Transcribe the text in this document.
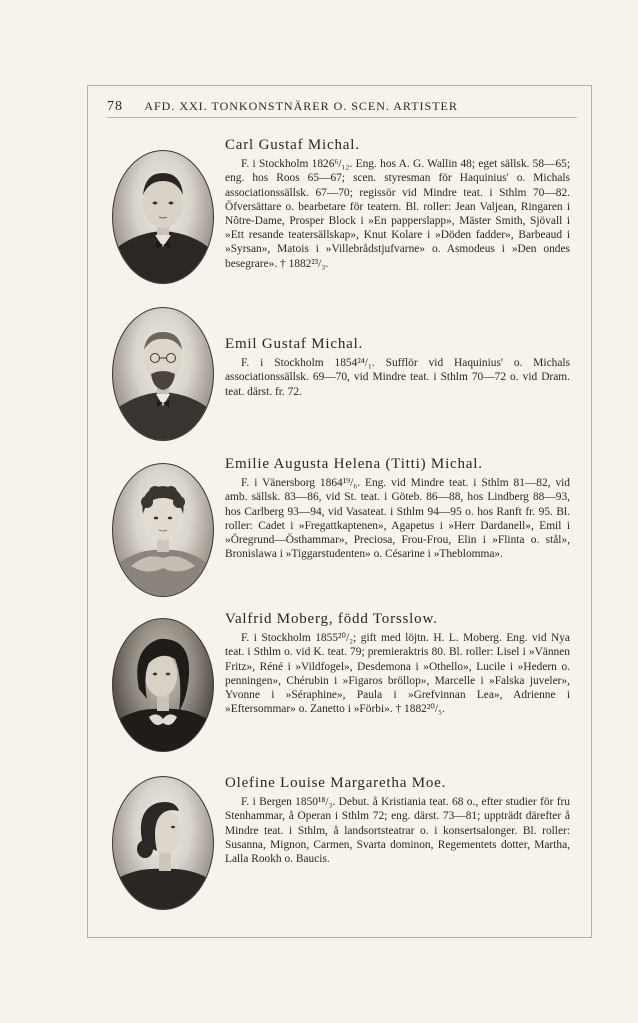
78 AFD. XXI. TONKONSTNÄRER O. SCEN. ARTISTER
Carl Gustaf Michal.

F. i Stockholm 1826⁶/₁₂. Eng. hos A. G. Wallin 48; eget sällsk. 58—65; eng. hos Roos 65—67; scen. styresman för Haquinius' o. Michals associationssällsk. 67—70; regissör vid Mindre teat. i Sthlm 70—82. Öfversättare o. bearbetare för teatern. Bl. roller: Jean Valjean, Ringaren i Nôtre-Dame, Prosper Block i »En papperslapp», Mäster Smith, Sjövall i »Ett resande teatersällskap», Knut Kolare i »Döden fadder», Barbeaud i »Syrsan», Matois i »Villebrådstjufvarne» o. Asmodeus i »Den ondes besegrare». † 1882²³/₃.

Emil Gustaf Michal.

F. i Stockholm 1854²⁴/₁. Sufflör vid Haquinius' o. Michals associationssällsk. 69—70, vid Mindre teat. i Sthlm 70—72 o. vid Dram. teat. därst. fr. 72.

Emilie Augusta Helena (Titti) Michal.

F. i Vänersborg 1864¹⁹/₆. Eng. vid Mindre teat. i Sthlm 81—82, vid amb. sällsk. 83—86, vid St. teat. i Göteb. 86—88, hos Lindberg 88—93, hos Carlberg 93—94, vid Vasateat. i Sthlm 94—95 o. hos Ranft fr. 95. Bl. roller: Cadet i »Fregattkaptenen», Agapetus i »Herr Dardanell», Emil i »Öregrund—Östhammar», Preciosa, Frou-Frou, Elin i »Flinta o. stål», Bronislawa i »Tiggarstudenten» o. Césarine i »Theblomma».

Valfrid Moberg, född Torsslow.

F. i Stockholm 1855²⁰/₂; gift med löjtn. H. L. Moberg. Eng. vid Nya teat. i Sthlm o. vid K. teat. 79; premieraktris 80. Bl. roller: Lisel i »Vännen Fritz», Réné i »Vildfogel», Desdemona i »Othello», Lucile i »Hedern o. penningen», Chérubin i »Figaros bröllop», Marcelle i »Falska juveler», Yvonne i »Séraphine», Paula i »Grefvinnan Lea», Adrienne i »Eftersommar» o. Zanetto i »Förbi». † 1882²⁰/₅.

Olefine Louise Margaretha Moe.

F. i Bergen 1850¹⁸/₃. Debut. å Kristiania teat. 68 o., efter studier för fru Stenhammar, å Operan i Sthlm 72; eng. därst. 73—81; uppträdt därefter å Mindre teat. i Sthlm, å landsortsteatrar o. i konsertsalonger. Bl. roller: Susanna, Mignon, Carmen, Svarta dominon, Regementets dotter, Martha, Lalla Rookh o. Baucis.
